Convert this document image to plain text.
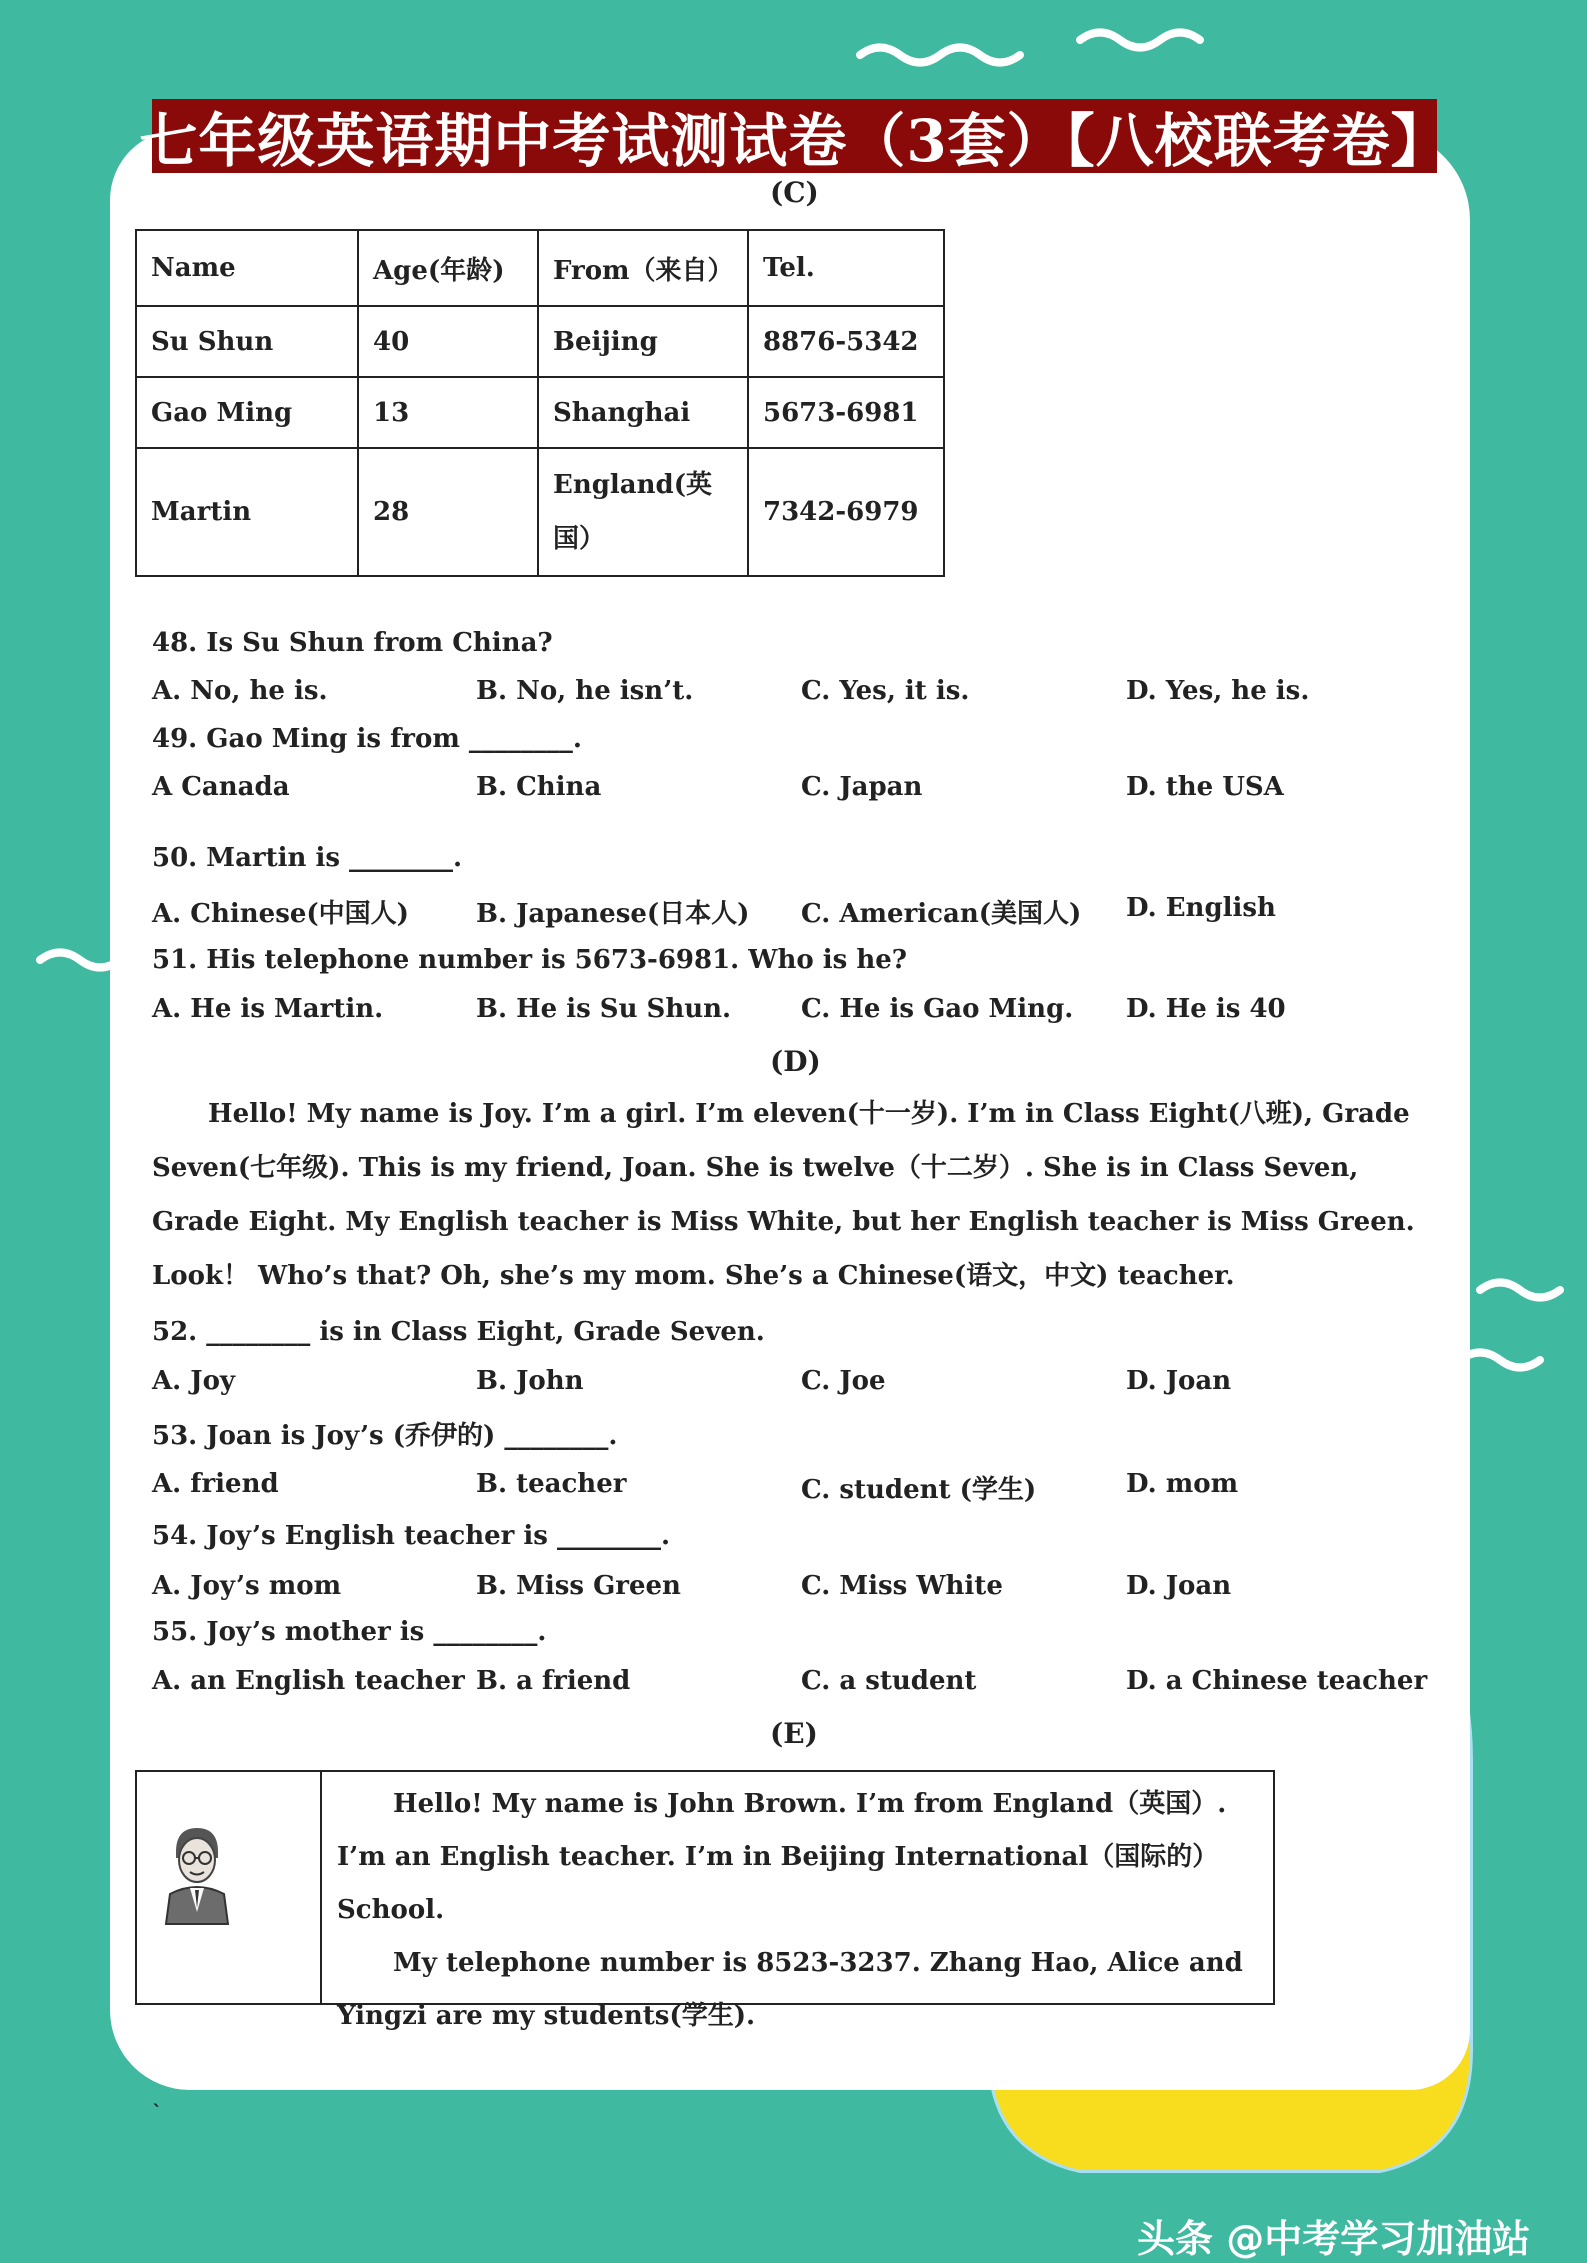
七年级英语期中考试测试卷（3套）【八校联考卷】
(C)
Name	Age(年龄)	From（来自）	Tel.
Su Shun	40	Beijing	8876-5342
Gao Ming	13	Shanghai	5673-6981
Martin	28	England(英国）	7342-6979
48. Is Su Shun from China?
A. No, he is.	B. No, he isn’t.	C. Yes, it is.	D. Yes, he is.
49. Gao Ming is from ________.
A Canada	B. China	C. Japan	D. the USA
50. Martin is ________.
A. Chinese(中国人)	B. Japanese(日本人) C. American(美国人) D. English
51. His telephone number is 5673-6981. Who is he?
A. He is Martin.	B. He is Su Shun.	C. He is Gao Ming. D. He is 40
(D)
Hello! My name is Joy. I’m a girl. I’m eleven(十一岁). I’m in Class Eight(八班), Grade Seven(七年级). This is my friend, Joan. She is twelve（十二岁）. She is in Class Seven, Grade Eight. My English teacher is Miss White, but her English teacher is Miss Green. Look！ Who’s that? Oh, she’s my mom. She’s a Chinese(语文，中文) teacher.
52. ________ is in Class Eight, Grade Seven.
A. Joy	B. John	C. Joe	D. Joan
53. Joan is Joy’s (乔伊的) ________.
A. friend	B. teacher	C. student (学生)	D. mom
54. Joy’s English teacher is ________.
A. Joy’s mom	B. Miss Green	C. Miss White	D. Joan
55. Joy’s mother is ________.
A. an English teacher B. a friend	C. a student	D. a Chinese teacher
(E)
Hello! My name is John Brown. I’m from England（英国）. I’m an English teacher. I’m in Beijing International（国际的） School.
My telephone number is 8523-3237. Zhang Hao, Alice and Yingzi are my students(学生).
`
头条 @中考学习加油站
